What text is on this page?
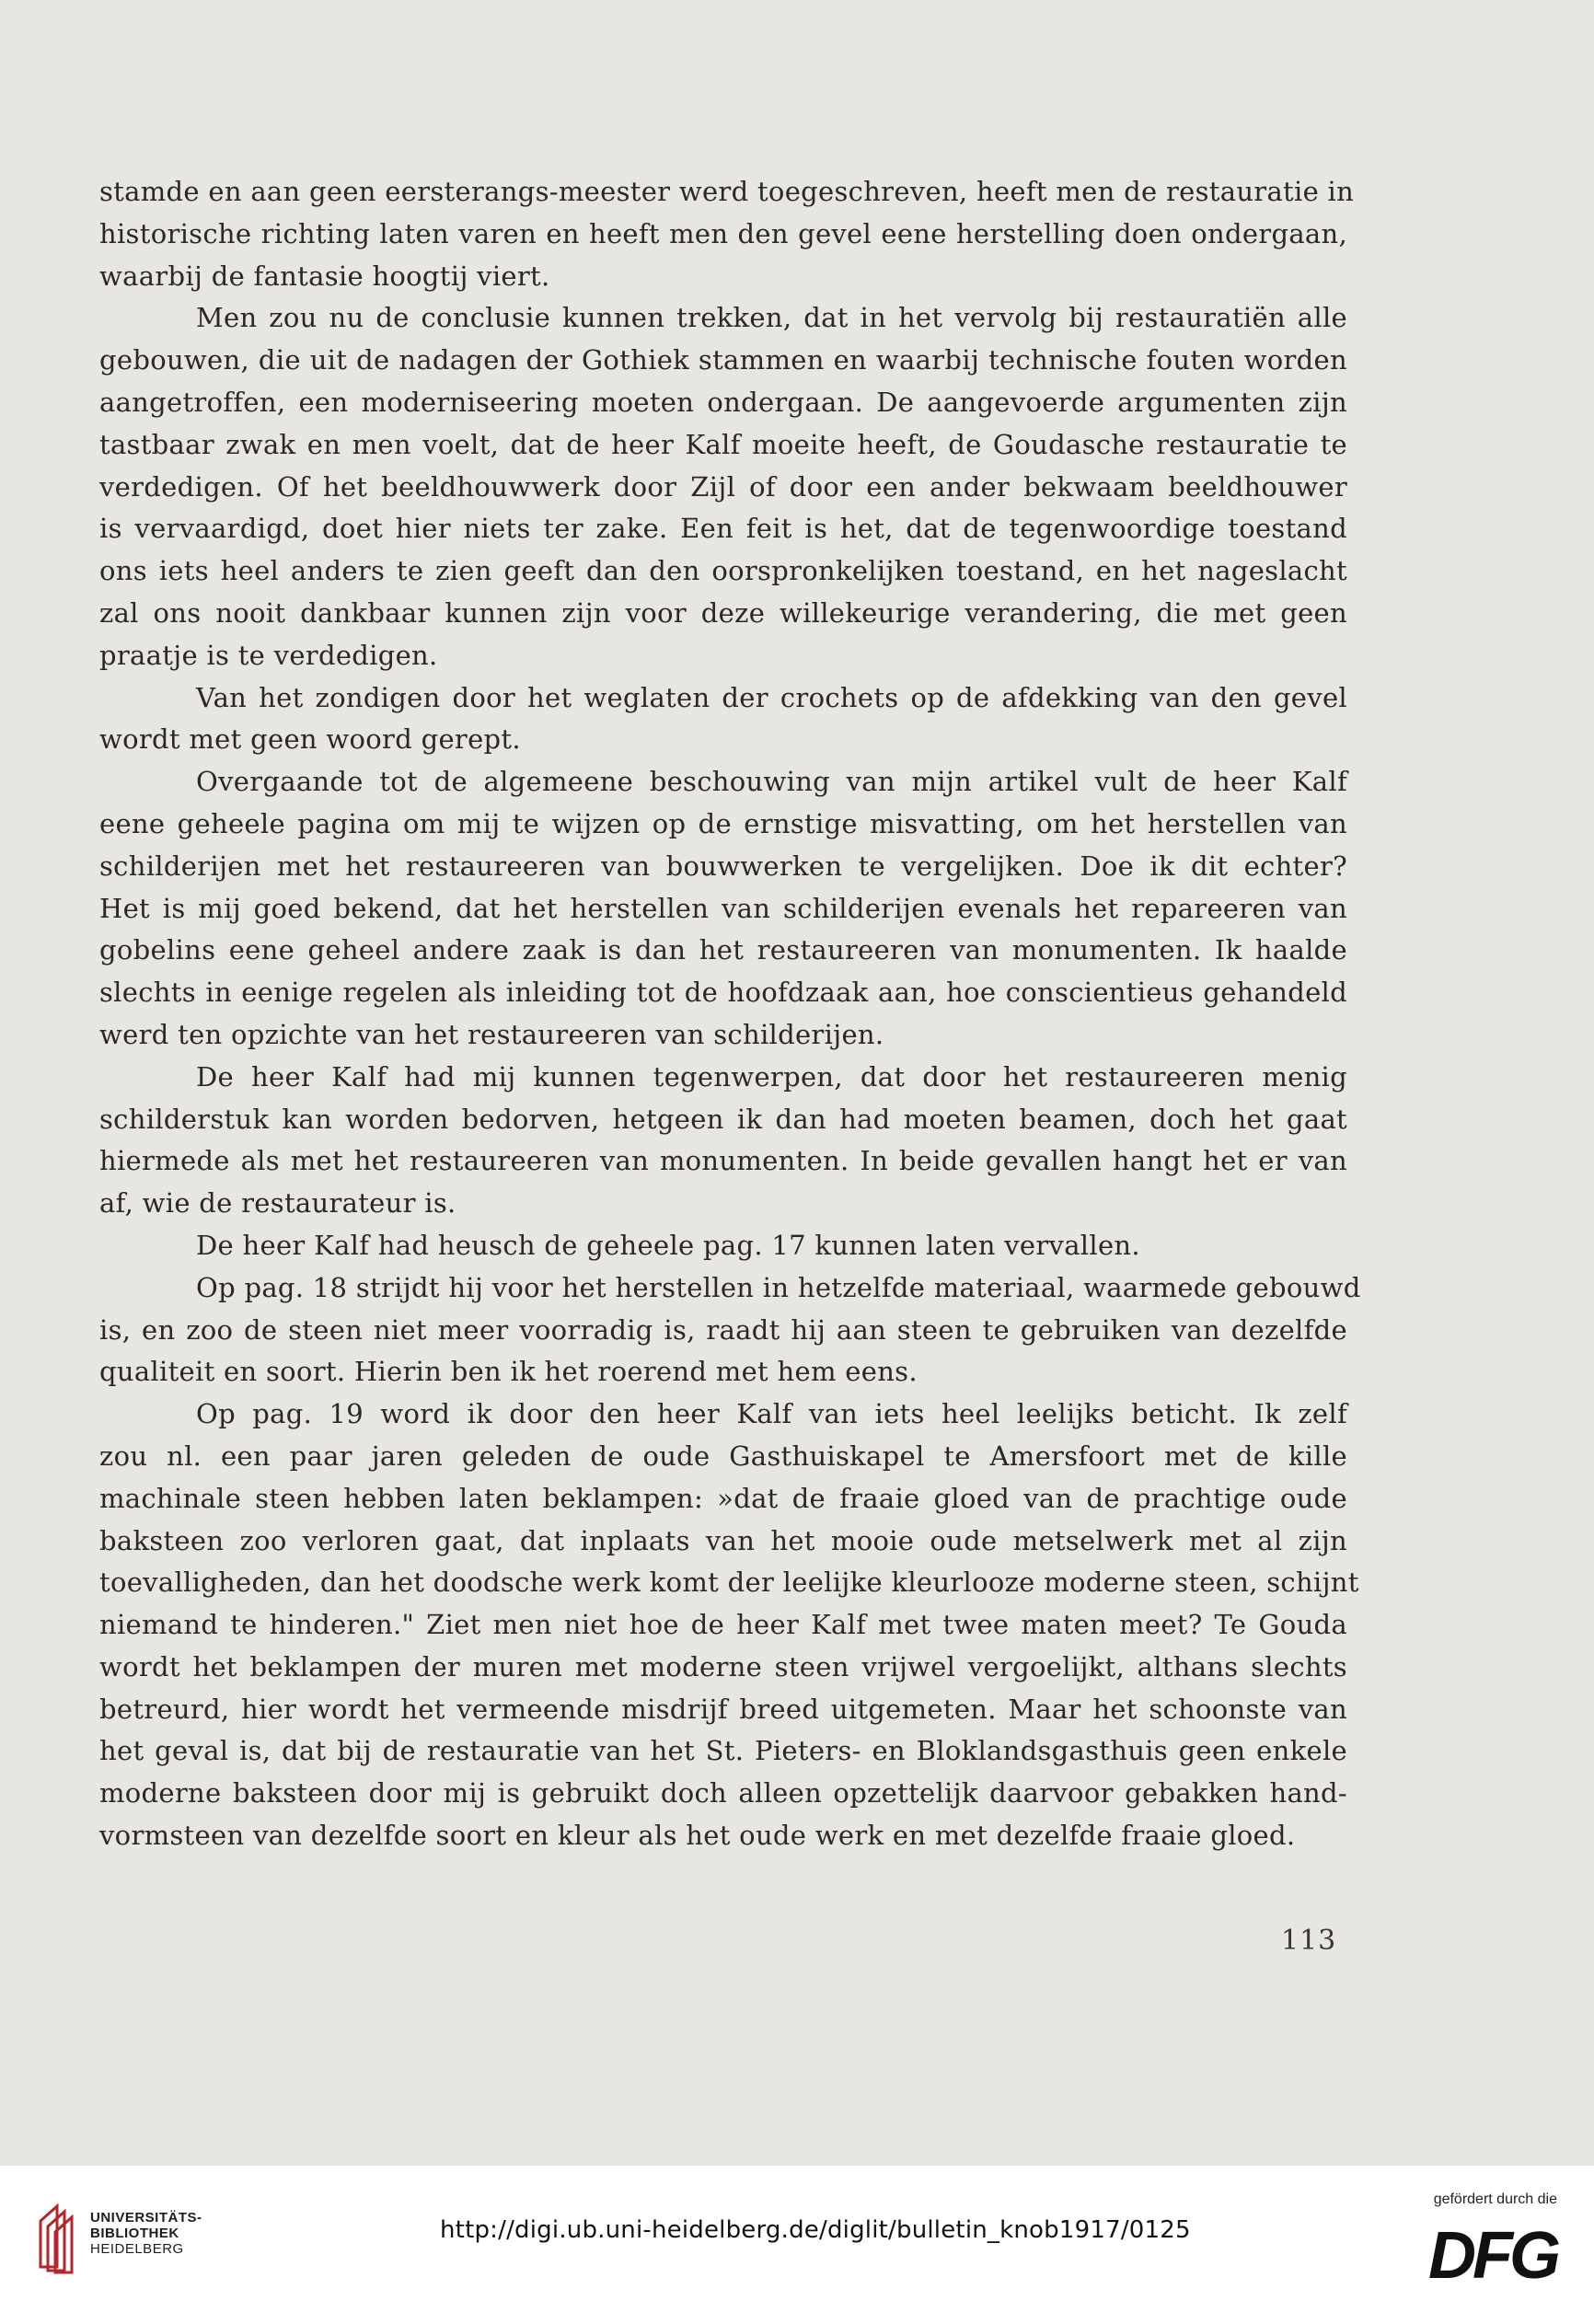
stamde en aan geen eersterangs-meester werd toegeschreven, heeft men de restauratie in
historische richting laten varen en heeft men den gevel eene herstelling doen ondergaan,
waarbij de fantasie hoogtij viert.
Men zou nu de conclusie kunnen trekken, dat in het vervolg bij restauratiën alle
gebouwen, die uit de nadagen der Gothiek stammen en waarbij technische fouten worden
aangetroffen, een moderniseering moeten ondergaan. De aangevoerde argumenten zijn
tastbaar zwak en men voelt, dat de heer Kalf moeite heeft, de Goudasche restauratie te
verdedigen. Of het beeldhouwwerk door Zijl of door een ander bekwaam beeldhouwer
is vervaardigd, doet hier niets ter zake. Een feit is het, dat de tegenwoordige toestand
ons iets heel anders te zien geeft dan den oorspronkelijken toestand, en het nageslacht
zal ons nooit dankbaar kunnen zijn voor deze willekeurige verandering, die met geen
praatje is te verdedigen.
Van het zondigen door het weglaten der crochets op de afdekking van den gevel
wordt met geen woord gerept.
Overgaande tot de algemeene beschouwing van mijn artikel vult de heer Kalf
eene geheele pagina om mij te wijzen op de ernstige misvatting, om het herstellen van
schilderijen met het restaureeren van bouwwerken te vergelijken. Doe ik dit echter?
Het is mij goed bekend, dat het herstellen van schilderijen evenals het repareeren van
gobelins eene geheel andere zaak is dan het restaureeren van monumenten. Ik haalde
slechts in eenige regelen als inleiding tot de hoofdzaak aan, hoe conscientieus gehandeld
werd ten opzichte van het restaureeren van schilderijen.
De heer Kalf had mij kunnen tegenwerpen, dat door het restaureeren menig
schilderstuk kan worden bedorven, hetgeen ik dan had moeten beamen, doch het gaat
hiermede als met het restaureeren van monumenten. In beide gevallen hangt het er van
af, wie de restaurateur is.
De heer Kalf had heusch de geheele pag. 17 kunnen laten vervallen.
Op pag. 18 strijdt hij voor het herstellen in hetzelfde materiaal, waarmede gebouwd
is, en zoo de steen niet meer voorradig is, raadt hij aan steen te gebruiken van dezelfde
qualiteit en soort. Hierin ben ik het roerend met hem eens.
Op pag. 19 word ik door den heer Kalf van iets heel leelijks beticht. Ik zelf
zou nl. een paar jaren geleden de oude Gasthuiskapel te Amersfoort met de kille
machinale steen hebben laten beklampen: »dat de fraaie gloed van de prachtige oude
baksteen zoo verloren gaat, dat inplaats van het mooie oude metselwerk met al zijn
toevalligheden, dan het doodsche werk komt der leelijke kleurlooze moderne steen, schijnt
niemand te hinderen." Ziet men niet hoe de heer Kalf met twee maten meet? Te Gouda
wordt het beklampen der muren met moderne steen vrijwel vergoelijkt, althans slechts
betreurd, hier wordt het vermeende misdrijf breed uitgemeten. Maar het schoonste van
het geval is, dat bij de restauratie van het St. Pieters- en Bloklandsgasthuis geen enkele
moderne baksteen door mij is gebruikt doch alleen opzettelijk daarvoor gebakken hand-
vormsteen van dezelfde soort en kleur als het oude werk en met dezelfde fraaie gloed.
113
UNIVERSITÄTS-
BIBLIOTHEK
HEIDELBERG
http://digi.ub.uni-heidelberg.de/diglit/bulletin_knob1917/0125
gefördert durch die
DFG
